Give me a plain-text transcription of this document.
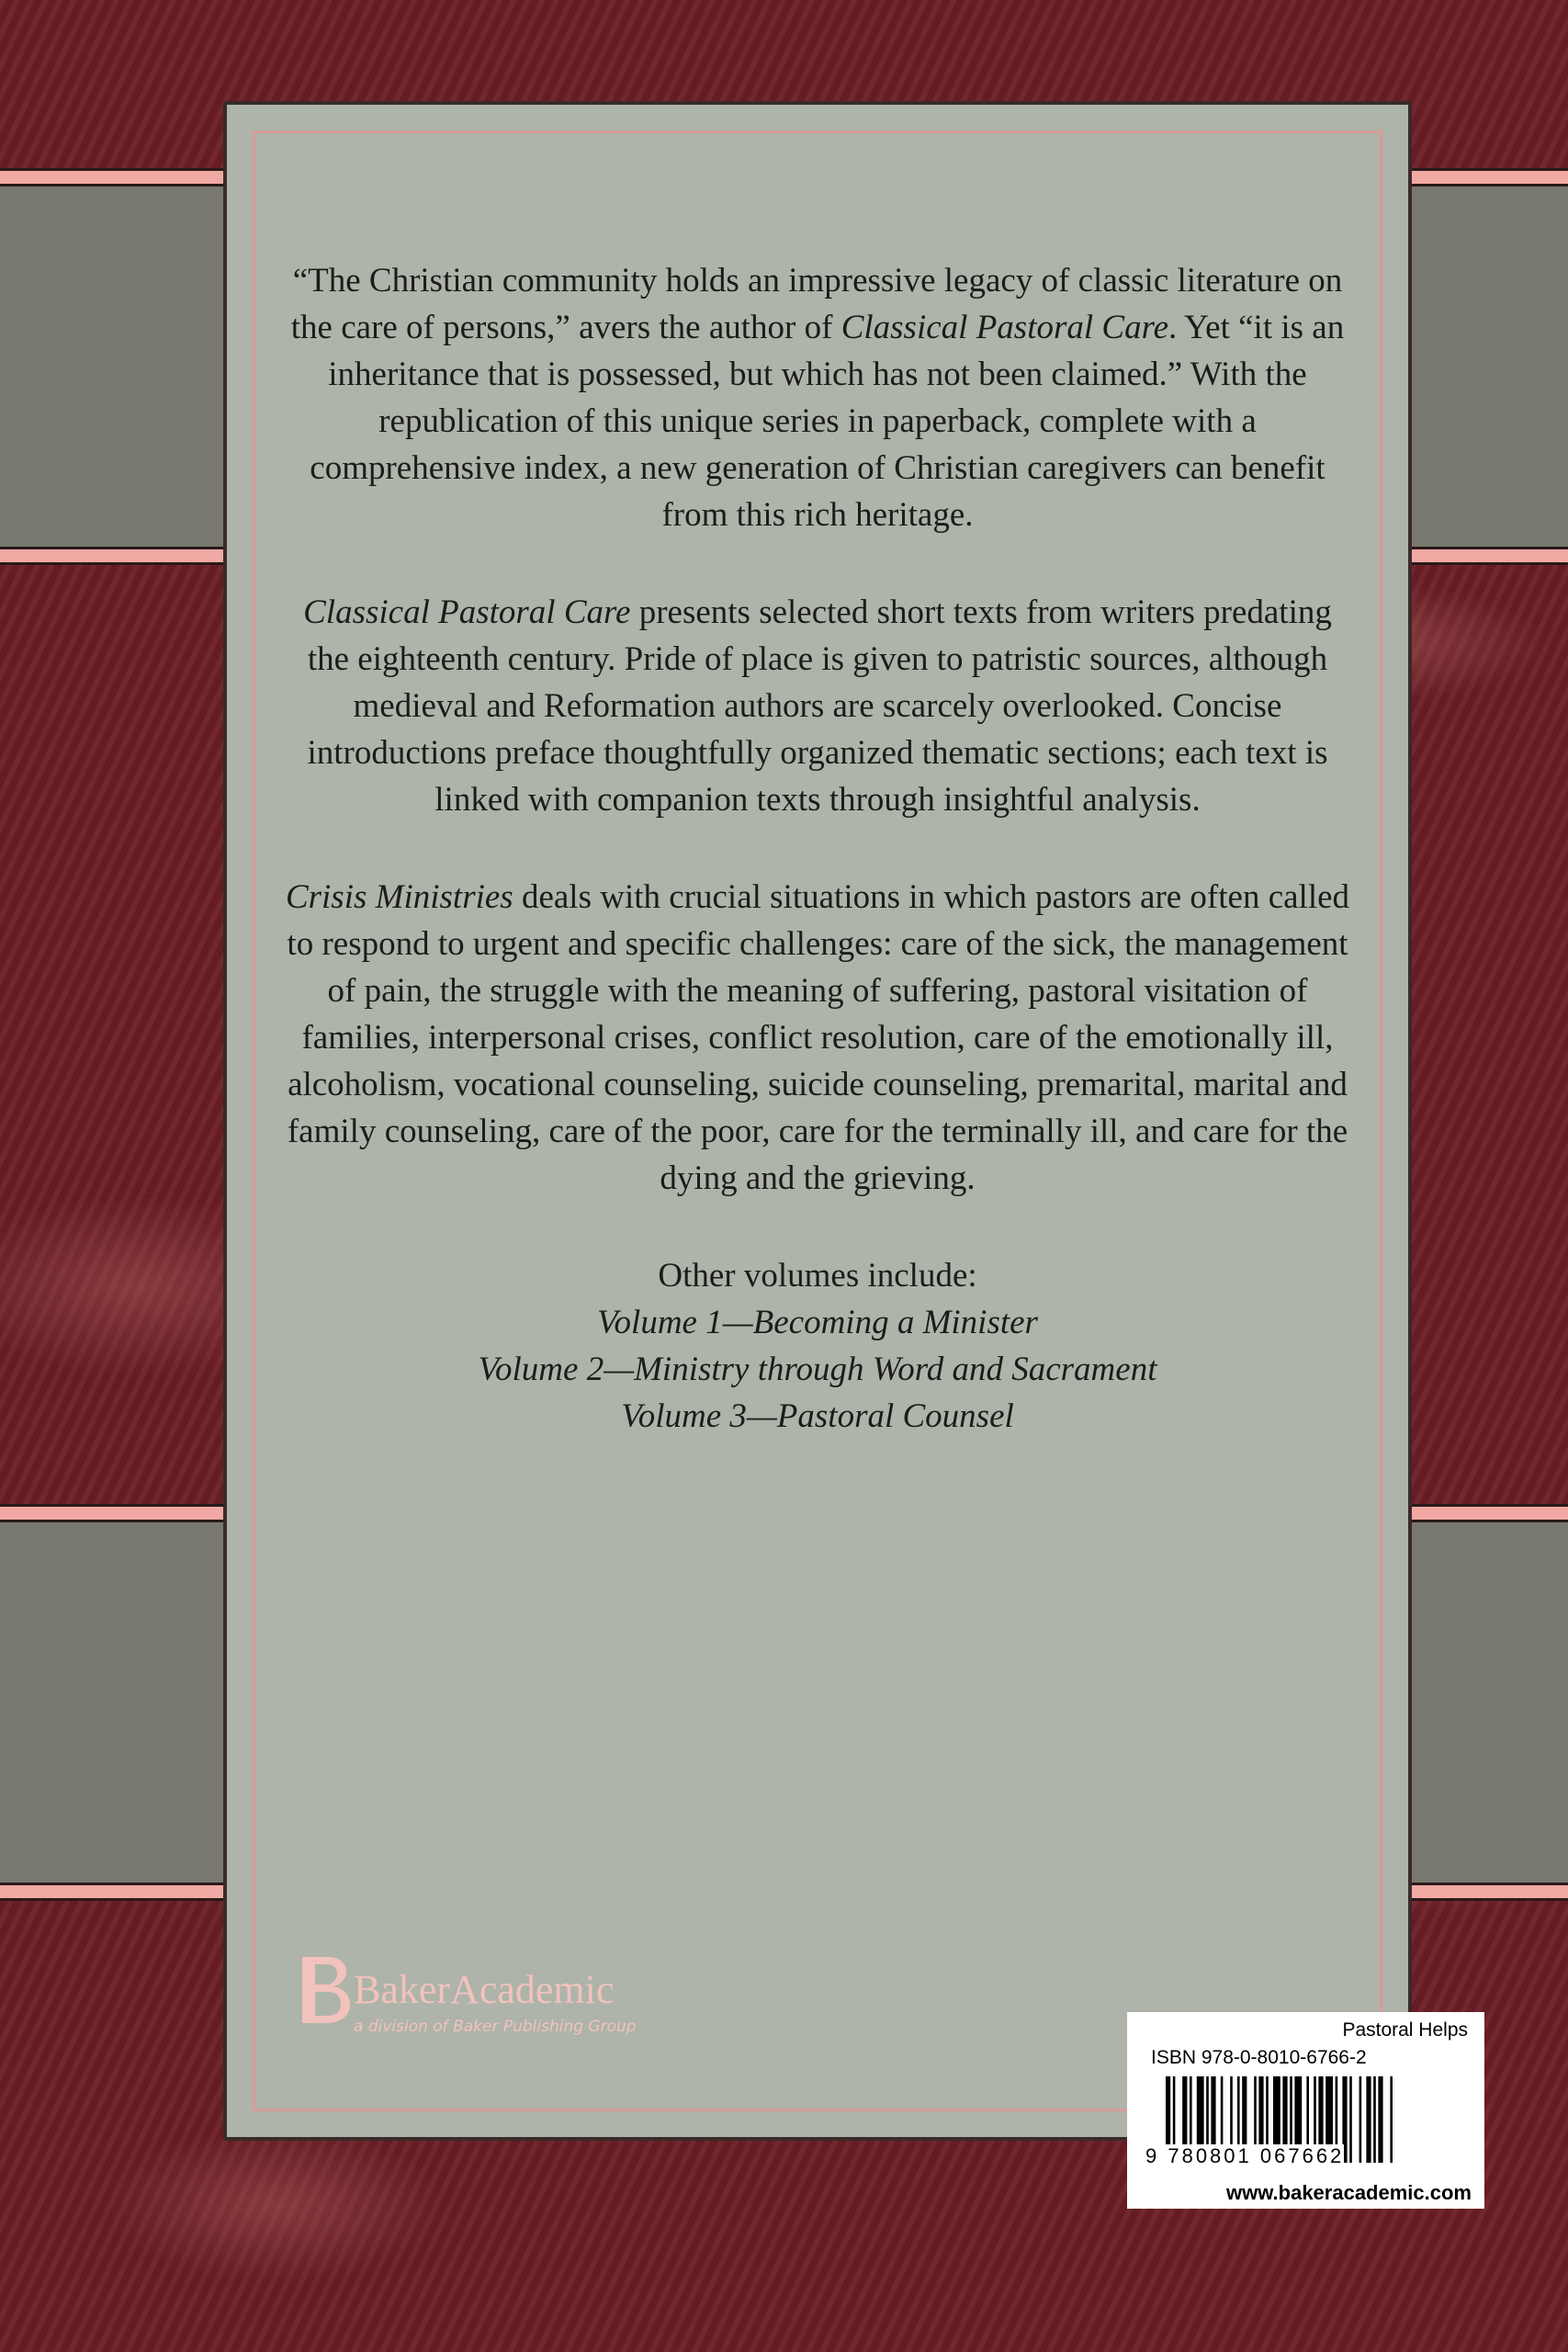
“The Christian community holds an impressive legacy of classic literature on the care of persons,” avers the author of Classical Pastoral Care. Yet “it is an inheritance that is possessed, but which has not been claimed.” With the republication of this unique series in paperback, complete with a comprehensive index, a new generation of Christian caregivers can benefit from this rich heritage.

Classical Pastoral Care presents selected short texts from writers predating the eighteenth century. Pride of place is given to patristic sources, although medieval and Reformation authors are scarcely overlooked. Concise introductions preface thoughtfully organized thematic sections; each text is linked with companion texts through insightful analysis.

Crisis Ministries deals with crucial situations in which pastors are often called to respond to urgent and specific challenges: care of the sick, the management of pain, the struggle with the meaning of suffering, pastoral visitation of families, interpersonal crises, conflict resolution, care of the emotionally ill, alcoholism, vocational counseling, suicide counseling, premarital, marital and family counseling, care of the poor, care for the terminally ill, and care for the dying and the grieving.

Other volumes include:
Volume 1—Becoming a Minister
Volume 2—Ministry through Word and Sacrament
Volume 3—Pastoral Counsel
BakerAcademic
a division of Baker Publishing Group	Pastoral Helps
ISBN 978-0-8010-6766-2
9 780801 067662
www.bakeracademic.com
